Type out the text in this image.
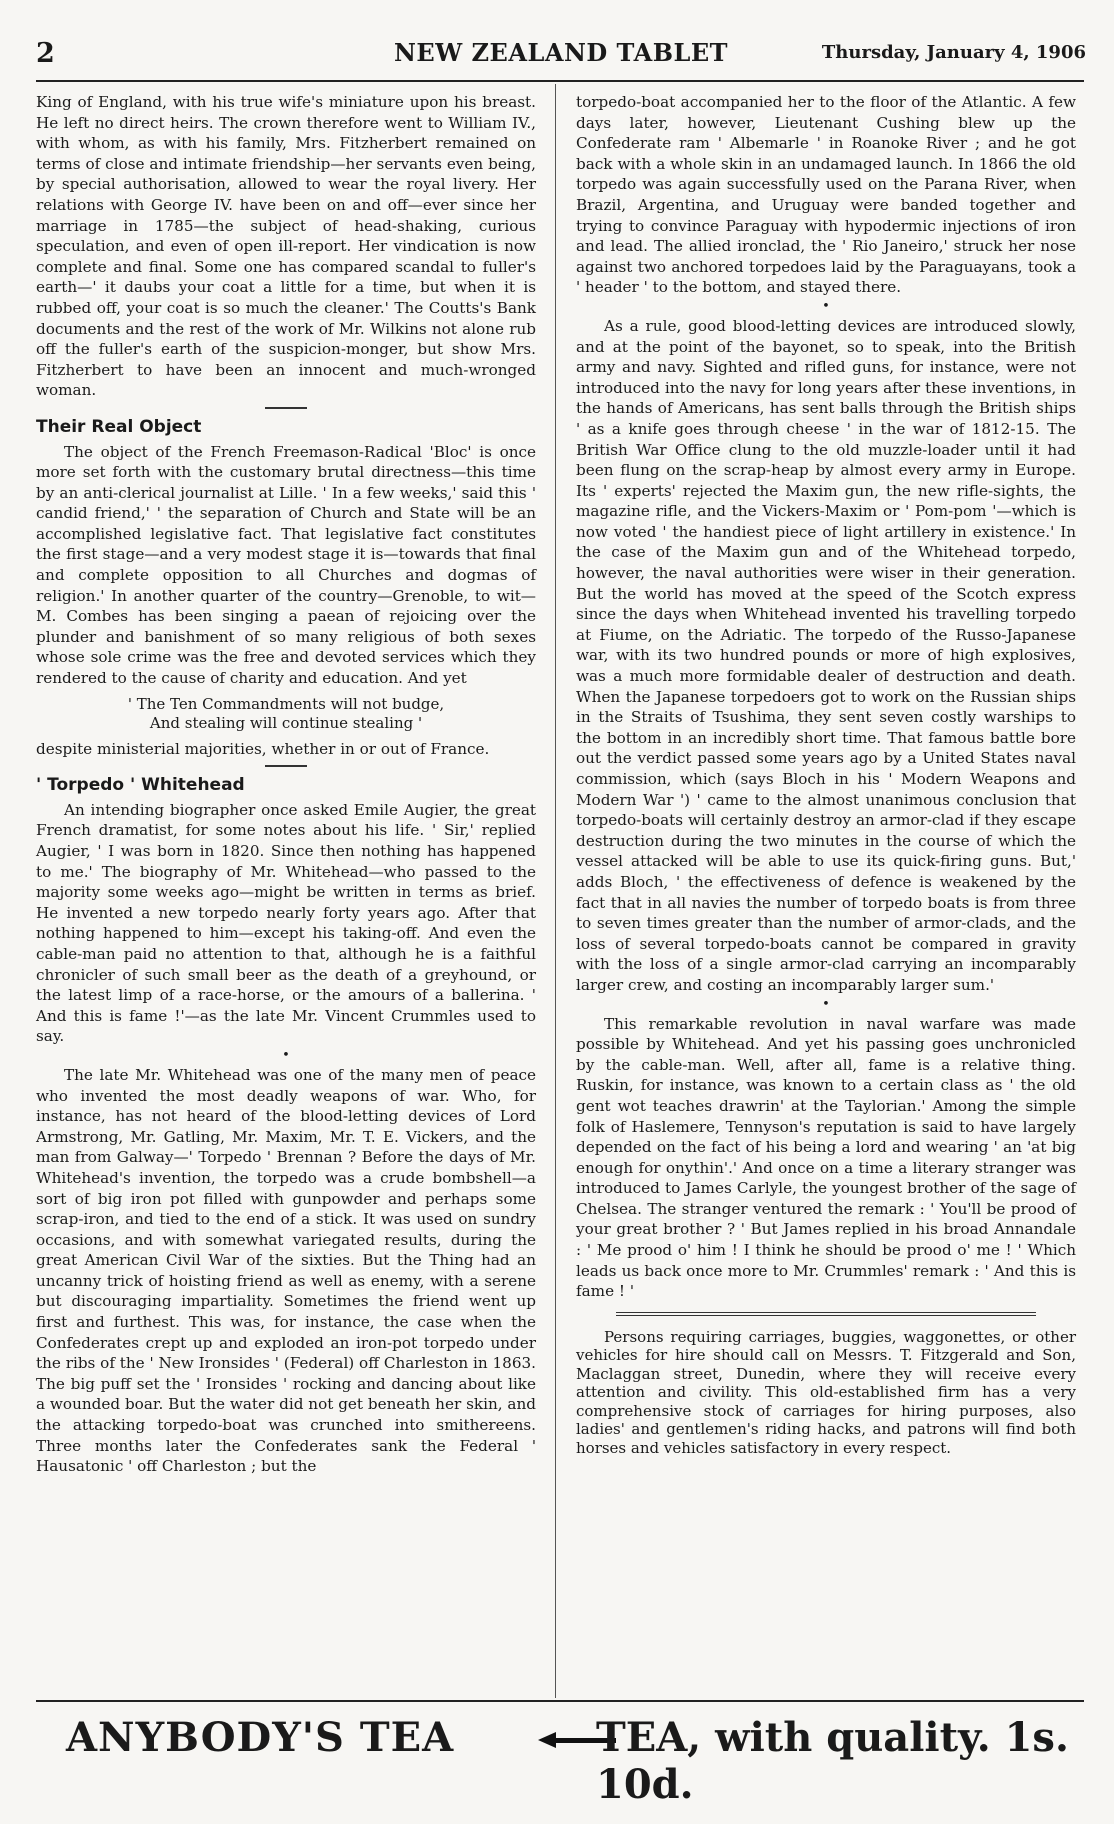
2	NEW ZEALAND TABLET	Thursday, January 4, 1906

King of England, with his true wife's miniature upon his breast. He left no direct heirs. The crown therefore went to William IV., with whom, as with his family, Mrs. Fitzherbert remained on terms of close and intimate friendship—her servants even being, by special authorisation, allowed to wear the royal livery. Her relations with George IV. have been on and off—ever since her marriage in 1785—the subject of head-shaking, curious speculation, and even of open ill-report. Her vindication is now complete and final. Some one has compared scandal to fuller's earth—' it daubs your coat a little for a time, but when it is rubbed off, your coat is so much the cleaner.' The Coutts's Bank documents and the rest of the work of Mr. Wilkins not alone rub off the fuller's earth of the suspicion-monger, but show Mrs. Fitzherbert to have been an innocent and much-wronged woman.

Their Real Object

The object of the French Freemason-Radical 'Bloc' is once more set forth with the customary brutal directness—this time by an anti-clerical journalist at Lille. ' In a few weeks,' said this ' candid friend,' ' the separation of Church and State will be an accomplished legislative fact. That legislative fact constitutes the first stage—and a very modest stage it is—towards that final and complete opposition to all Churches and dogmas of religion.' In another quarter of the country—Grenoble, to wit—M. Combes has been singing a paean of rejoicing over the plunder and banishment of so many religious of both sexes whose sole crime was the free and devoted services which they rendered to the cause of charity and education. And yet

' The Ten Commandments will not budge,
And stealing will continue stealing '

despite ministerial majorities, whether in or out of France.

' Torpedo ' Whitehead

An intending biographer once asked Emile Augier, the great French dramatist, for some notes about his life. ' Sir,' replied Augier, ' I was born in 1820. Since then nothing has happened to me.' The biography of Mr. Whitehead—who passed to the majority some weeks ago—might be written in terms as brief. He invented a new torpedo nearly forty years ago. After that nothing happened to him—except his taking-off. And even the cable-man paid no attention to that, although he is a faithful chronicler of such small beer as the death of a greyhound, or the latest limp of a race-horse, or the amours of a ballerina. ' And this is fame !'—as the late Mr. Vincent Crummles used to say.

•

The late Mr. Whitehead was one of the many men of peace who invented the most deadly weapons of war. Who, for instance, has not heard of the blood-letting devices of Lord Armstrong, Mr. Gatling, Mr. Maxim, Mr. T. E. Vickers, and the man from Galway—' Torpedo ' Brennan ? Before the days of Mr. Whitehead's invention, the torpedo was a crude bombshell—a sort of big iron pot filled with gunpowder and perhaps some scrap-iron, and tied to the end of a stick. It was used on sundry occasions, and with somewhat variegated results, during the great American Civil War of the sixties. But the Thing had an uncanny trick of hoisting friend as well as enemy, with a serene but discouraging impartiality. Sometimes the friend went up first and furthest. This was, for instance, the case when the Confederates crept up and exploded an iron-pot torpedo under the ribs of the ' New Ironsides ' (Federal) off Charleston in 1863. The big puff set the ' Ironsides ' rocking and dancing about like a wounded boar. But the water did not get beneath her skin, and the attacking torpedo-boat was crunched into smithereens. Three months later the Confederates sank the Federal ' Hausatonic ' off Charleston ; but the

torpedo-boat accompanied her to the floor of the Atlantic. A few days later, however, Lieutenant Cushing blew up the Confederate ram ' Albemarle ' in Roanoke River ; and he got back with a whole skin in an undamaged launch. In 1866 the old torpedo was again successfully used on the Parana River, when Brazil, Argentina, and Uruguay were banded together and trying to convince Paraguay with hypodermic injections of iron and lead. The allied ironclad, the ' Rio Janeiro,' struck her nose against two anchored torpedoes laid by the Paraguayans, took a ' header ' to the bottom, and stayed there.

•

As a rule, good blood-letting devices are introduced slowly, and at the point of the bayonet, so to speak, into the British army and navy. Sighted and rifled guns, for instance, were not introduced into the navy for long years after these inventions, in the hands of Americans, has sent balls through the British ships ' as a knife goes through cheese ' in the war of 1812-15. The British War Office clung to the old muzzle-loader until it had been flung on the scrap-heap by almost every army in Europe. Its ' experts' rejected the Maxim gun, the new rifle-sights, the magazine rifle, and the Vickers-Maxim or ' Pom-pom '—which is now voted ' the handiest piece of light artillery in existence.' In the case of the Maxim gun and of the Whitehead torpedo, however, the naval authorities were wiser in their generation. But the world has moved at the speed of the Scotch express since the days when Whitehead invented his travelling torpedo at Fiume, on the Adriatic. The torpedo of the Russo-Japanese war, with its two hundred pounds or more of high explosives, was a much more formidable dealer of destruction and death. When the Japanese torpedoers got to work on the Russian ships in the Straits of Tsushima, they sent seven costly warships to the bottom in an incredibly short time. That famous battle bore out the verdict passed some years ago by a United States naval commission, which (says Bloch in his ' Modern Weapons and Modern War ') ' came to the almost unanimous conclusion that torpedo-boats will certainly destroy an armor-clad if they escape destruction during the two minutes in the course of which the vessel attacked will be able to use its quick-firing guns. But,' adds Bloch, ' the effectiveness of defence is weakened by the fact that in all navies the number of torpedo boats is from three to seven times greater than the number of armor-clads, and the loss of several torpedo-boats cannot be compared in gravity with the loss of a single armor-clad carrying an incomparably larger crew, and costing an incomparably larger sum.'

•

This remarkable revolution in naval warfare was made possible by Whitehead. And yet his passing goes unchronicled by the cable-man. Well, after all, fame is a relative thing. Ruskin, for instance, was known to a certain class as ' the old gent wot teaches drawrin' at the Taylorian.' Among the simple folk of Haslemere, Tennyson's reputation is said to have largely depended on the fact of his being a lord and wearing ' an 'at big enough for onythin'.' And once on a time a literary stranger was introduced to James Carlyle, the youngest brother of the sage of Chelsea. The stranger ventured the remark : ' You'll be prood of your great brother ? ' But James replied in his broad Annandale : ' Me prood o' him ! I think he should be prood o' me ! ' Which leads us back once more to Mr. Crummles' remark : ' And this is fame ! '

Persons requiring carriages, buggies, waggonettes, or other vehicles for hire should call on Messrs. T. Fitzgerald and Son, Maclaggan street, Dunedin, where they will receive every attention and civility. This old-established firm has a very comprehensive stock of carriages for hiring purposes, also ladies' and gentlemen's riding hacks, and patrons will find both horses and vehicles satisfactory in every respect.

ANYBODY'S TEA	TEA, with quality. 1s. 10d.
